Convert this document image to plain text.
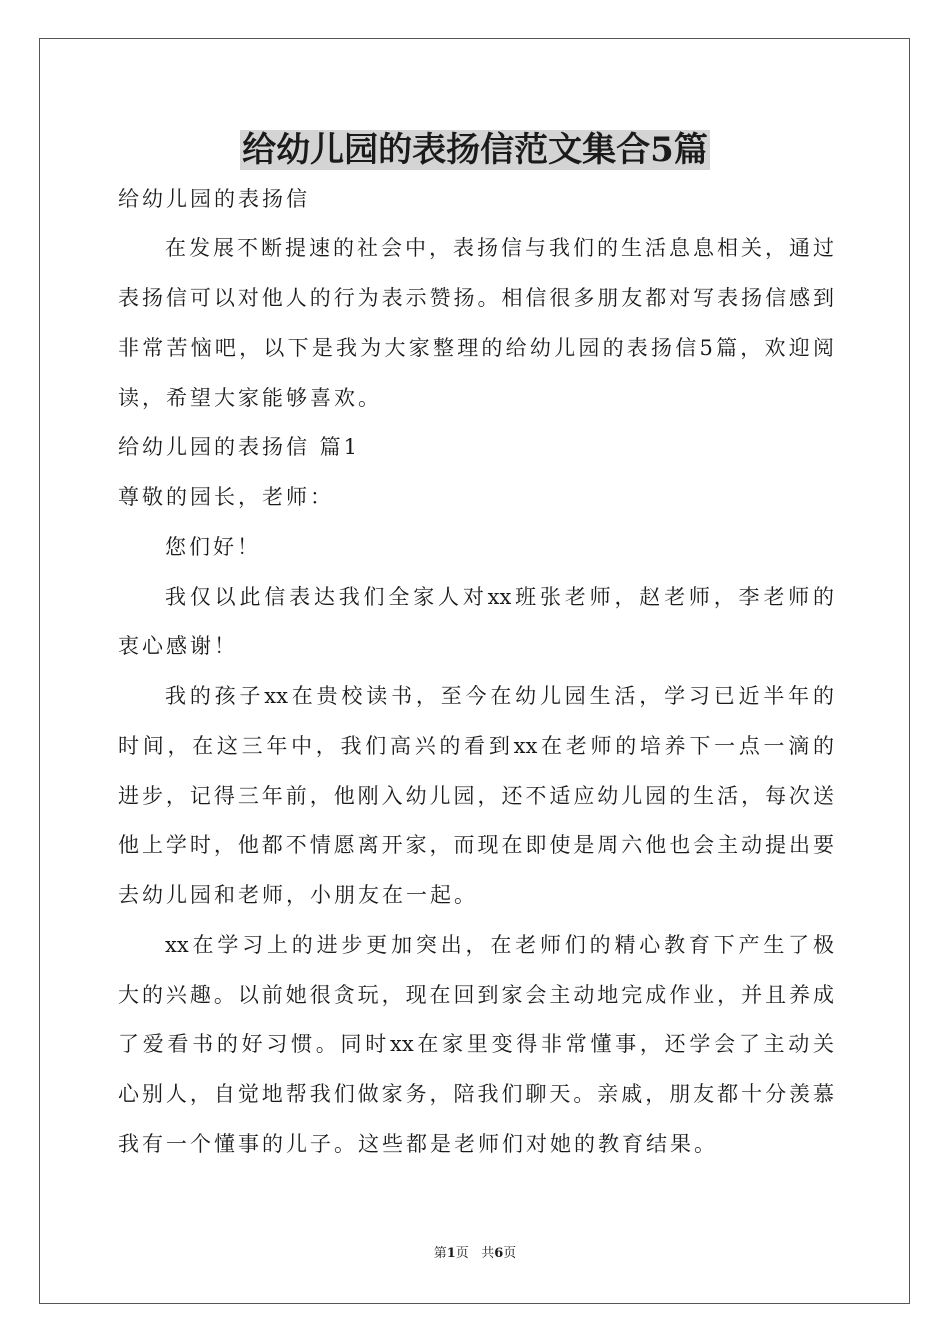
给幼儿园的表扬信范文集合5篇
给幼儿园的表扬信
在发展不断提速的社会中，表扬信与我们的生活息息相关，通过
表扬信可以对他人的行为表示赞扬。相信很多朋友都对写表扬信感到
非常苦恼吧，以下是我为大家整理的给幼儿园的表扬信5篇，欢迎阅
读，希望大家能够喜欢。
给幼儿园的表扬信 篇1
尊敬的园长，老师：
您们好！
我仅以此信表达我们全家人对xx班张老师，赵老师，李老师的
衷心感谢！
我的孩子xx在贵校读书，至今在幼儿园生活，学习已近半年的
时间，在这三年中，我们高兴的看到xx在老师的培养下一点一滴的
进步，记得三年前，他刚入幼儿园，还不适应幼儿园的生活，每次送
他上学时，他都不情愿离开家，而现在即使是周六他也会主动提出要
去幼儿园和老师，小朋友在一起。
xx在学习上的进步更加突出，在老师们的精心教育下产生了极
大的兴趣。以前她很贪玩，现在回到家会主动地完成作业，并且养成
了爱看书的好习惯。同时xx在家里变得非常懂事，还学会了主动关
心别人，自觉地帮我们做家务，陪我们聊天。亲戚，朋友都十分羡慕
我有一个懂事的儿子。这些都是老师们对她的教育结果。
第1页 共6页
